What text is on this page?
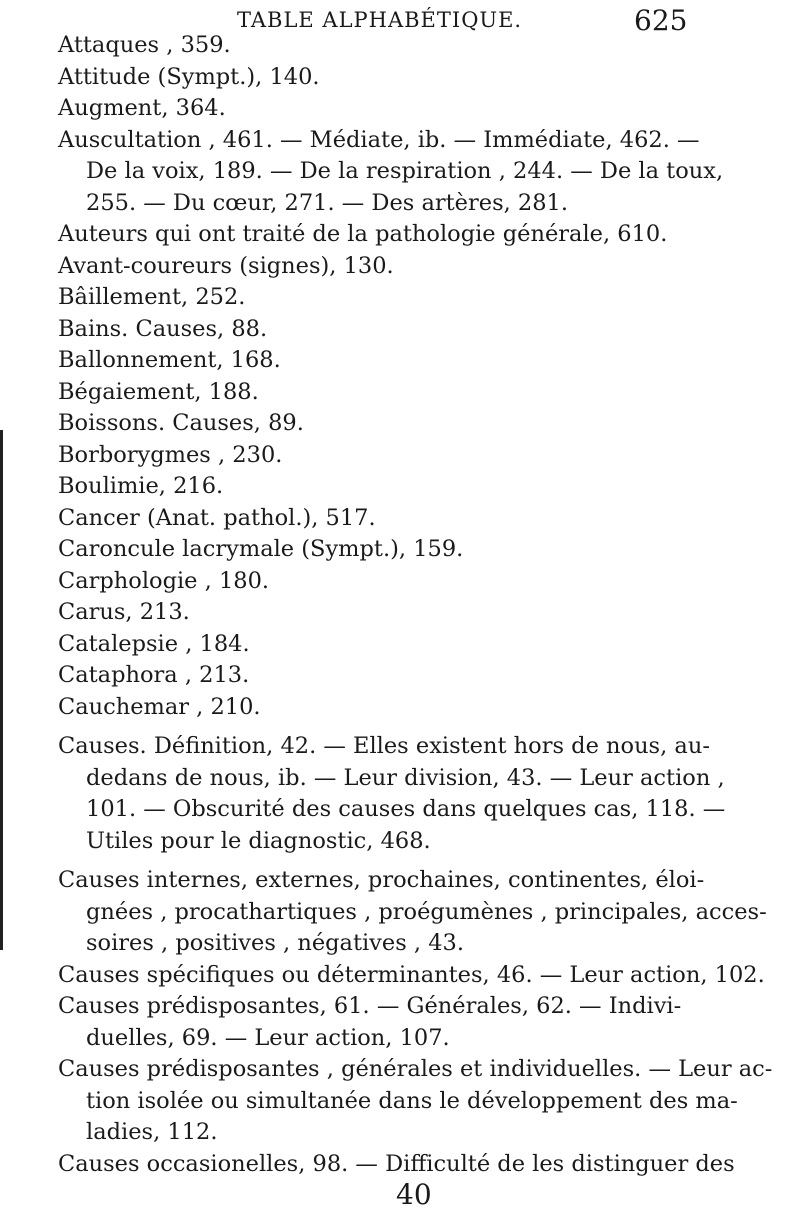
TABLE ALPHABÉTIQUE.	625
Attaques , 359.
Attitude (Sympt.), 140.
Augment, 364.
Auscultation , 461. — Médiate, ib. — Immédiate, 462. —
De la voix, 189. — De la respiration , 244. — De la toux,
255. — Du cœur, 271. — Des artères, 281.
Auteurs qui ont traité de la pathologie générale, 610.
Avant-coureurs (signes), 130.
Bâillement, 252.
Bains. Causes, 88.
Ballonnement, 168.
Bégaiement, 188.
Boissons. Causes, 89.
Borborygmes , 230.
Boulimie, 216.
Cancer (Anat. pathol.), 517.
Caroncule lacrymale (Sympt.), 159.
Carphologie , 180.
Carus, 213.
Catalepsie , 184.
Cataphora , 213.
Cauchemar , 210.
Causes. Définition, 42. — Elles existent hors de nous, au-
dedans de nous, ib. — Leur division, 43. — Leur action ,
101. — Obscurité des causes dans quelques cas, 118. —
Utiles pour le diagnostic, 468.
Causes internes, externes, prochaines, continentes, éloi-
gnées , procathartiques , proégumènes , principales, acces-
soires , positives , négatives , 43.
Causes spécifiques ou déterminantes, 46. — Leur action, 102.
Causes prédisposantes, 61. — Générales, 62. — Indivi-
duelles, 69. — Leur action, 107.
Causes prédisposantes , générales et individuelles. — Leur ac-
tion isolée ou simultanée dans le développement des ma-
ladies, 112.
Causes occasionelles, 98. — Difficulté de les distinguer des
40
